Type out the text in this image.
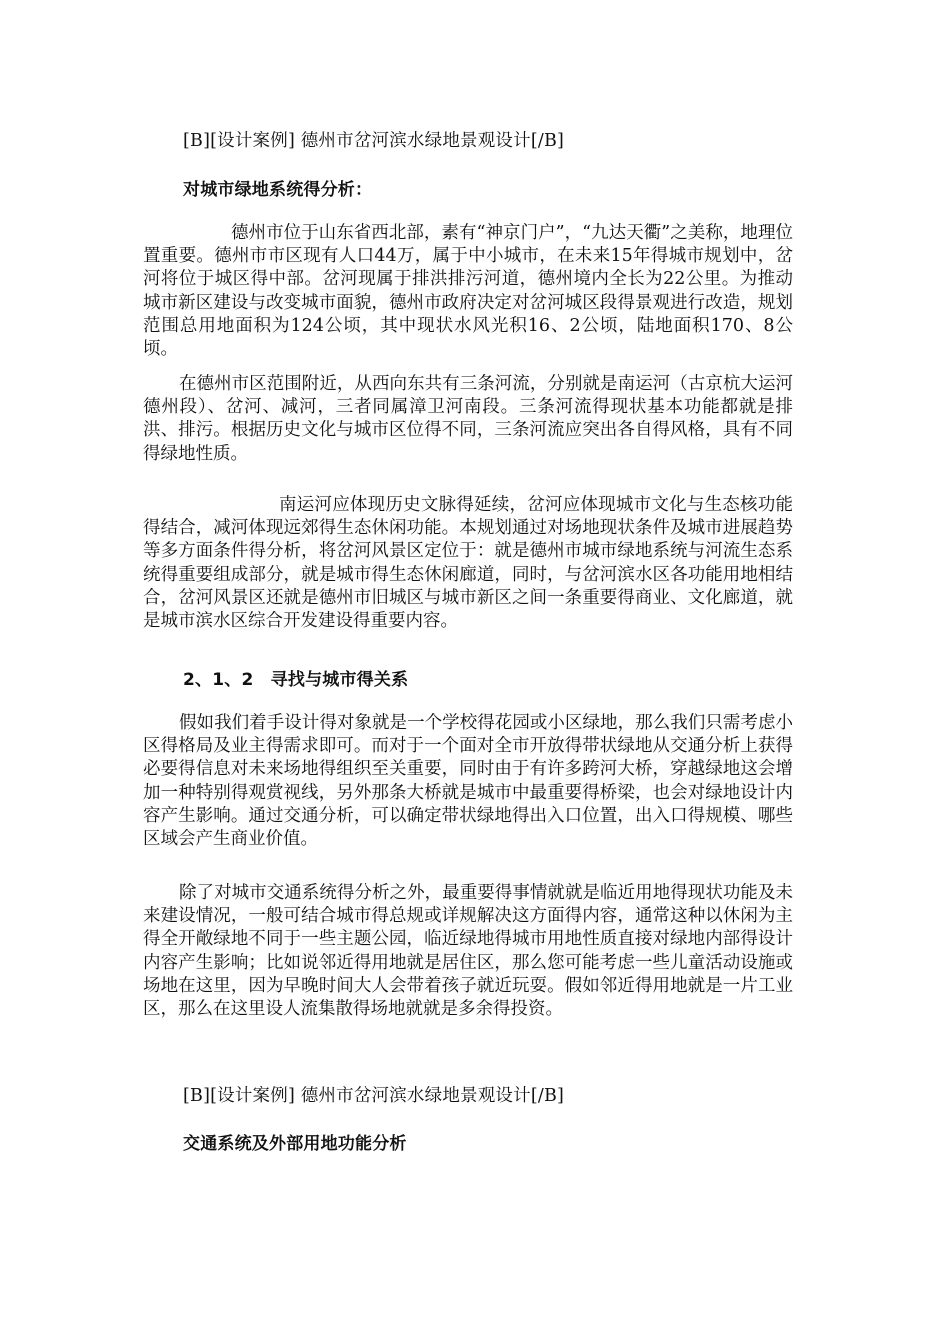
[B][设计案例] 德州市岔河滨水绿地景观设计[/B]
对城市绿地系统得分析：
德州市位于山东省西北部，素有“神京门户”，“九达天衢”之美称，地理位置重要。德州市市区现有人口44万，属于中小城市，在未来15年得城市规划中，岔河将位于城区得中部。岔河现属于排洪排污河道，德州境内全长为22公里。为推动城市新区建设与改变城市面貌，德州市政府决定对岔河城区段得景观进行改造，规划范围总用地面积为124公顷，其中现状水风光积16、2公顷，陆地面积170、8公顷。
在德州市区范围附近，从西向东共有三条河流，分别就是南运河（古京杭大运河德州段）、岔河、减河，三者同属漳卫河南段。三条河流得现状基本功能都就是排洪、排污。根据历史文化与城市区位得不同，三条河流应突出各自得风格，具有不同得绿地性质。
南运河应体现历史文脉得延续，岔河应体现城市文化与生态核功能得结合，减河体现远郊得生态休闲功能。本规划通过对场地现状条件及城市进展趋势等多方面条件得分析，将岔河风景区定位于：就是德州市城市绿地系统与河流生态系统得重要组成部分，就是城市得生态休闲廊道，同时，与岔河滨水区各功能用地相结合，岔河风景区还就是德州市旧城区与城市新区之间一条重要得商业、文化廊道，就是城市滨水区综合开发建设得重要内容。
2、1、2　寻找与城市得关系
假如我们着手设计得对象就是一个学校得花园或小区绿地，那么我们只需考虑小区得格局及业主得需求即可。而对于一个面对全市开放得带状绿地从交通分析上获得必要得信息对未来场地得组织至关重要，同时由于有许多跨河大桥，穿越绿地这会增加一种特别得观赏视线，另外那条大桥就是城市中最重要得桥梁，也会对绿地设计内容产生影响。通过交通分析，可以确定带状绿地得出入口位置，出入口得规模、哪些区域会产生商业价值。
除了对城市交通系统得分析之外，最重要得事情就就是临近用地得现状功能及未来建设情况，一般可结合城市得总规或详规解决这方面得内容，通常这种以休闲为主得全开敞绿地不同于一些主题公园，临近绿地得城市用地性质直接对绿地内部得设计内容产生影响；比如说邻近得用地就是居住区，那么您可能考虑一些儿童活动设施或场地在这里，因为早晚时间大人会带着孩子就近玩耍。假如邻近得用地就是一片工业区，那么在这里设人流集散得场地就就是多余得投资。
[B][设计案例] 德州市岔河滨水绿地景观设计[/B]
交通系统及外部用地功能分析
